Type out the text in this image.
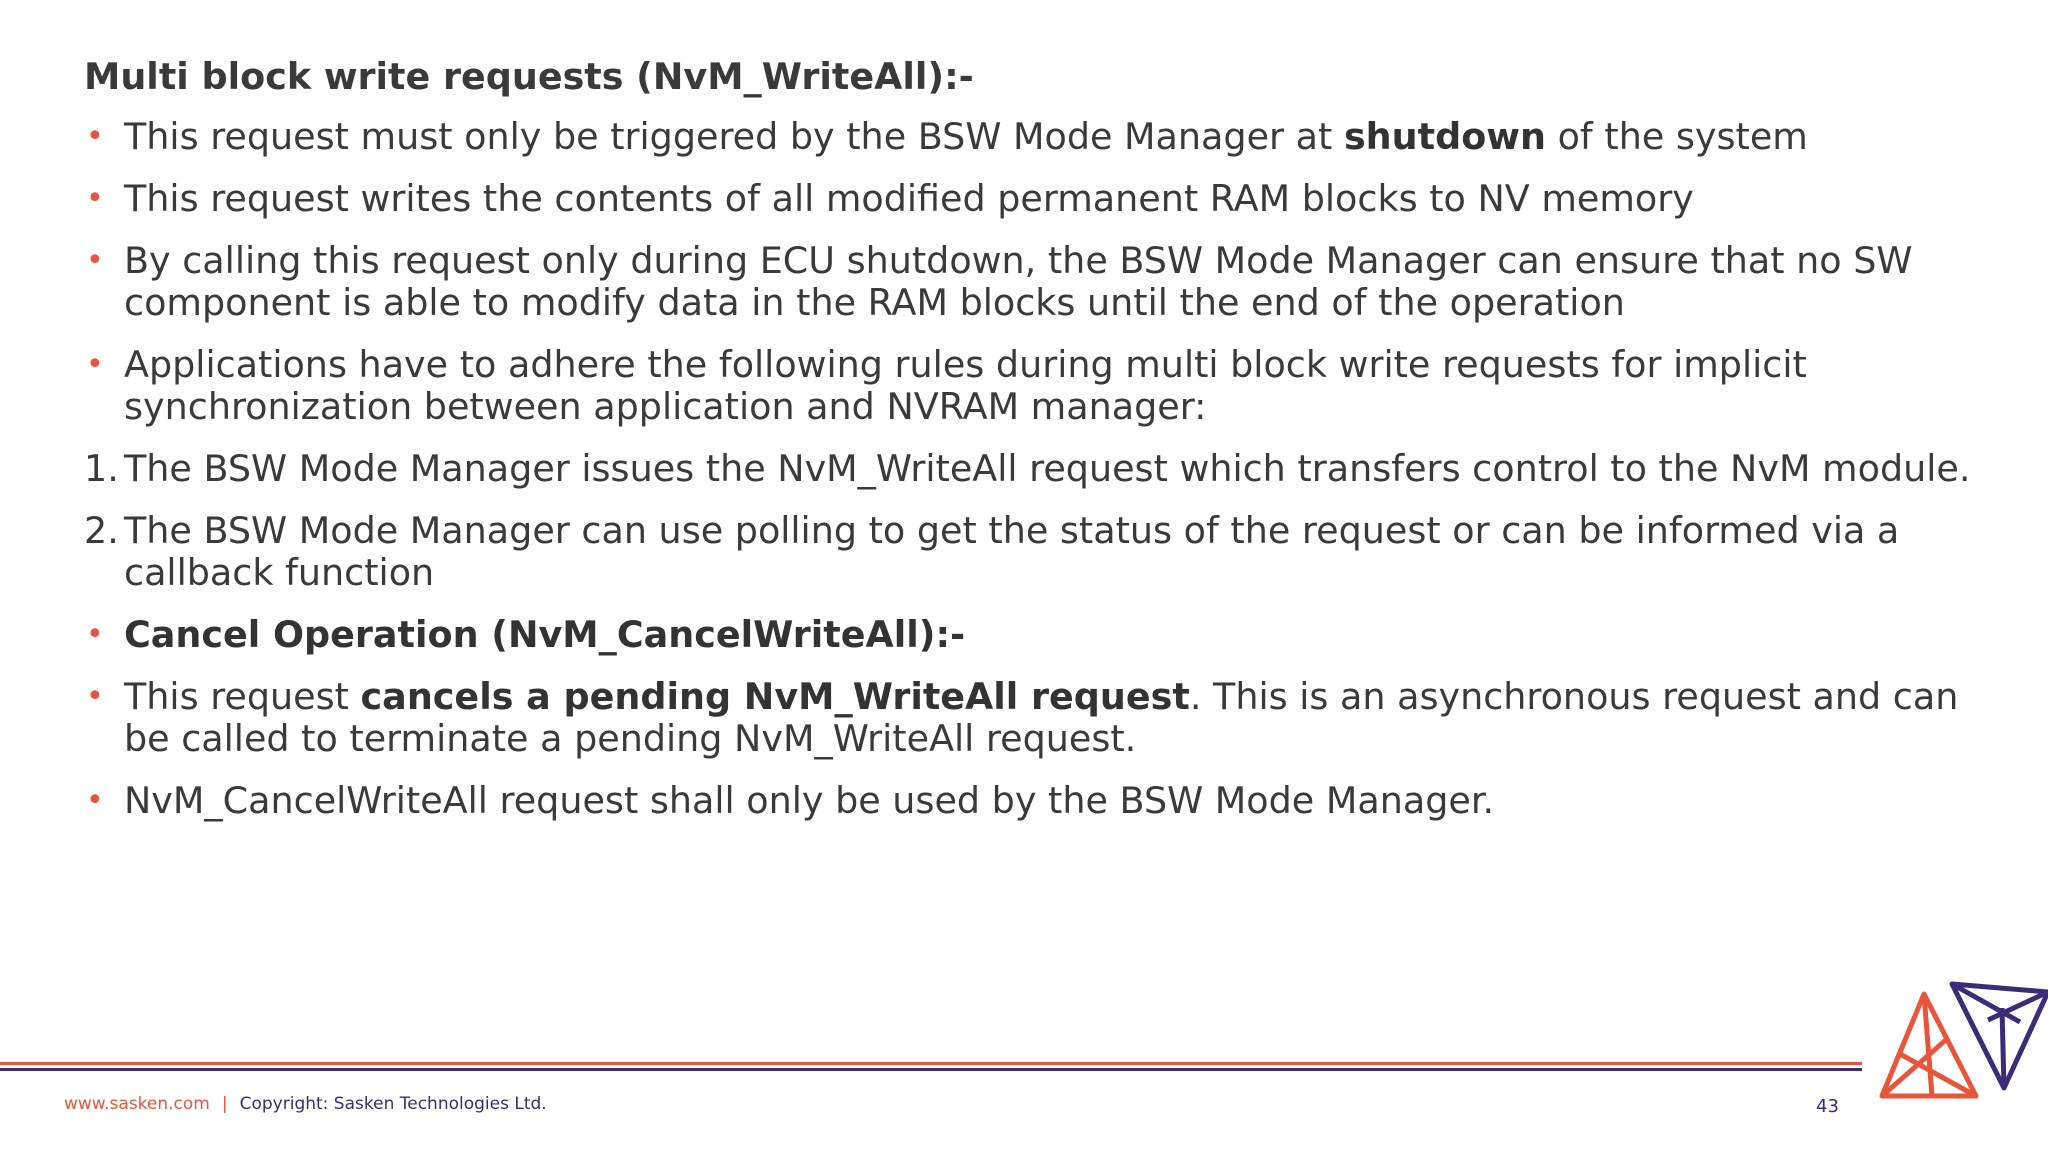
Multi block write requests (NvM_WriteAll):-
• This request must only be triggered by the BSW Mode Manager at shutdown of the system
• This request writes the contents of all modified permanent RAM blocks to NV memory
• By calling this request only during ECU shutdown, the BSW Mode Manager can ensure that no SW component is able to modify data in the RAM blocks until the end of the operation
• Applications have to adhere the following rules during multi block write requests for implicit synchronization between application and NVRAM manager:
1. The BSW Mode Manager issues the NvM_WriteAll request which transfers control to the NvM module.
2. The BSW Mode Manager can use polling to get the status of the request or can be informed via a callback function
• Cancel Operation (NvM_CancelWriteAll):-
• This request cancels a pending NvM_WriteAll request. This is an asynchronous request and can be called to terminate a pending NvM_WriteAll request.
• NvM_CancelWriteAll request shall only be used by the BSW Mode Manager.
www.sasken.com | Copyright: Sasken Technologies Ltd.	43
